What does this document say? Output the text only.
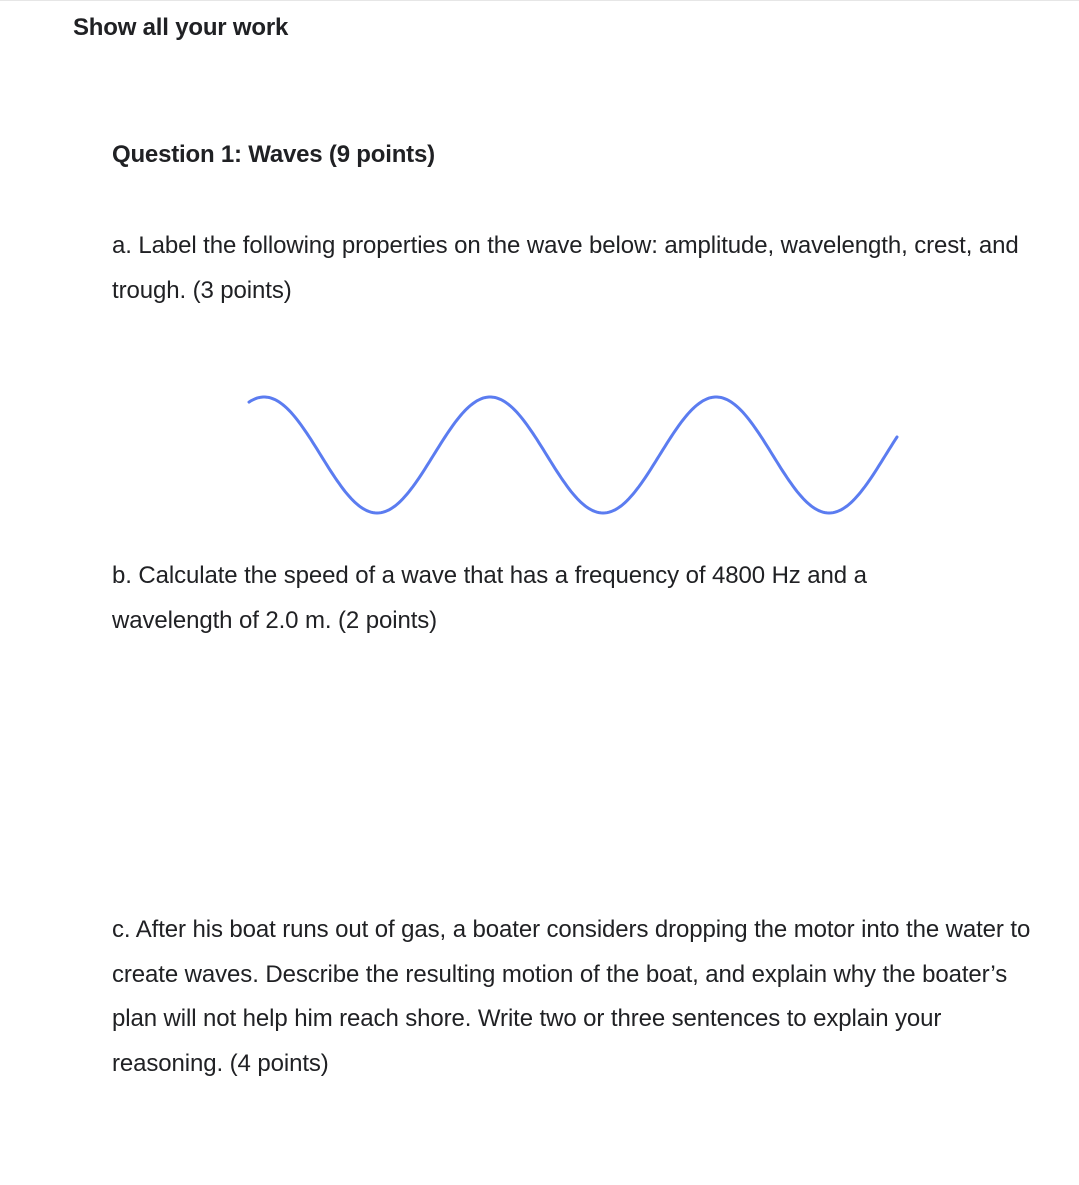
Show all your work
Question 1: Waves (9 points)
a. Label the following properties on the wave below: amplitude, wavelength, crest, and trough. (3 points)
b. Calculate the speed of a wave that has a frequency of 4800 Hz and a wavelength of 2.0 m. (2 points)
c. After his boat runs out of gas, a boater considers dropping the motor into the water to create waves. Describe the resulting motion of the boat, and explain why the boater’s plan will not help him reach shore. Write two or three sentences to explain your reasoning. (4 points)
